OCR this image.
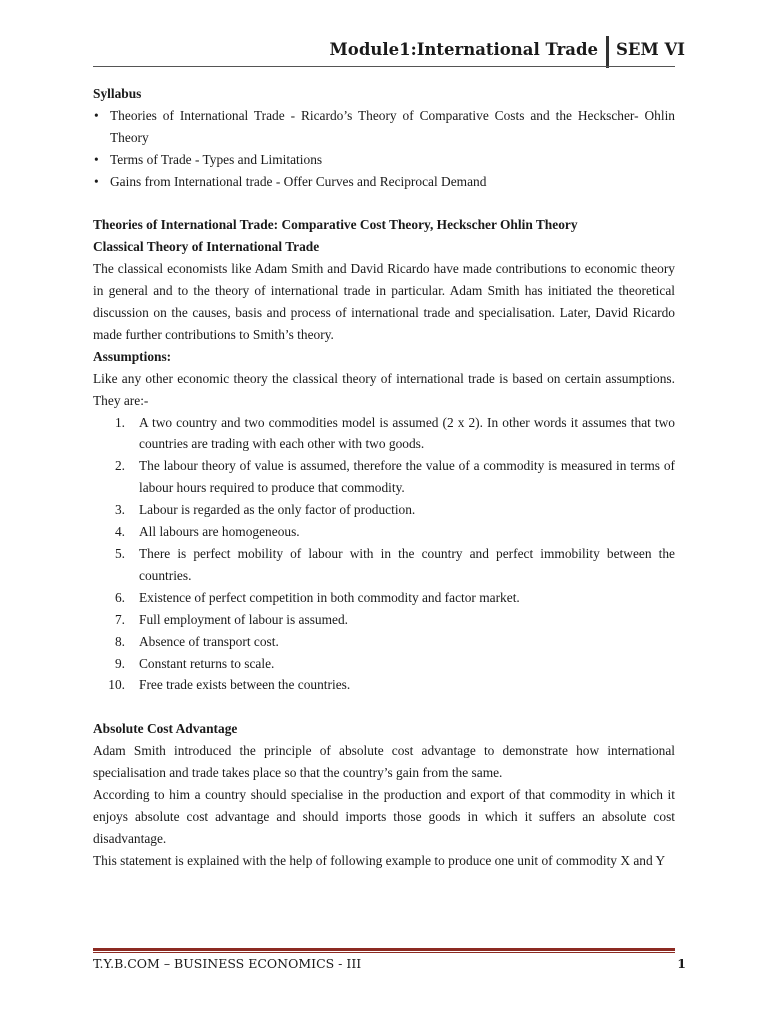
Module1:International Trade SEM VI

Syllabus

• Theories of International Trade - Ricardo’s Theory of Comparative Costs and the Heckscher- Ohlin Theory
• Terms of Trade - Types and Limitations
• Gains from International trade - Offer Curves and Reciprocal Demand

Theories of International Trade: Comparative Cost Theory, Heckscher Ohlin Theory

Classical Theory of International Trade

The classical economists like Adam Smith and David Ricardo have made contributions to economic theory in general and to the theory of international trade in particular. Adam Smith has initiated the theoretical discussion on the causes, basis and process of international trade and specialisation. Later, David Ricardo made further contributions to Smith’s theory.

Assumptions:

Like any other economic theory the classical theory of international trade is based on certain assumptions. They are:-

1. A two country and two commodities model is assumed (2 x 2). In other words it assumes that two countries are trading with each other with two goods.
2. The labour theory of value is assumed, therefore the value of a commodity is measured in terms of labour hours required to produce that commodity.
3. Labour is regarded as the only factor of production.
4. All labours are homogeneous.
5. There is perfect mobility of labour with in the country and perfect immobility between the countries.
6. Existence of perfect competition in both commodity and factor market.
7. Full employment of labour is assumed.
8. Absence of transport cost.
9. Constant returns to scale.
10. Free trade exists between the countries.

Absolute Cost Advantage

Adam Smith introduced the principle of absolute cost advantage to demonstrate how international specialisation and trade takes place so that the country’s gain from the same.

According to him a country should specialise in the production and export of that commodity in which it enjoys absolute cost advantage and should imports those goods in which it suffers an absolute cost disadvantage.

This statement is explained with the help of following example to produce one unit of commodity X and Y

T.Y.B.COM – BUSINESS ECONOMICS - III	1
